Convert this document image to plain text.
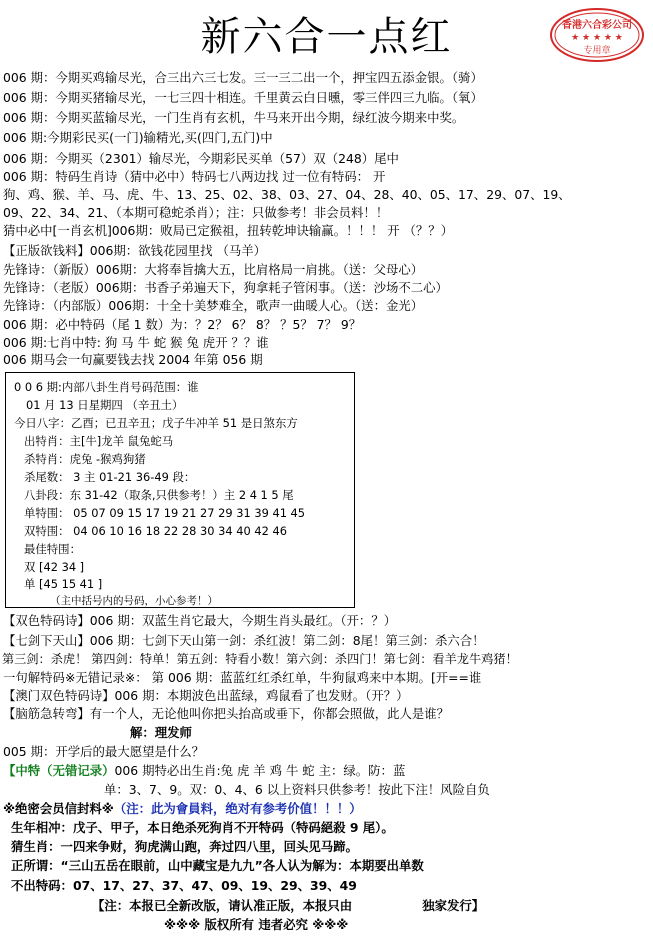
新六合一点红	香港六合彩公司
★ ★ ★ ★ ★
专用章
006 期：今期买鸡输尽光，合三出六三七发。三一三二出一个，押宝四五添金银。（骑）
006 期：今期买猪输尽光，一七三四十相连。千里黄云白日曛，零三伴四三九临。（氧）
006 期：今期买蓝输尽光，一门生肖有玄机，牛马来开出今期，绿红波今期来中奖。
006 期:今期彩民买(一门)输精光,买(四门,五门)中
006 期：今期买（2301）输尽光，今期彩民买单（57）双（248）尾中
006 期：特码生肖诗（猜中必中）特码七八两边找 过一位有特码： 开
狗、鸡、猴、羊、马、虎、牛、13、25、02、38、03、27、04、28、40、05、17、29、07、19、
09、22、34、21、（本期可稳蛇杀肖）；注：只做参考！非会员料！！
猜中必中[一肖玄机]006期：败局已定猴祖，扭转乾坤诀输赢。！！！ 开 （？？）
【正版欲钱料】006期：欲钱花园里找 （马羊）
先锋诗：（新版）006期：大将奉旨擒大五，比肩格局一肩挑。（送：父母心）
先锋诗：（老版）006期：书香子弟遍天下，狗拿耗子管闲事。（送：沙场不二心）
先锋诗：（内部版）006期：十全十美梦难全，歌声一曲暖人心。（送：金光）
006 期：必中特码（尾 1 数）为：？2？ 6？ 8？ ？5？ 7？ 9？
006 期:七肖中特: 狗 马 牛 蛇 猴 兔 虎开 ？？谁
006 期马会一句赢要钱去找 2004 年第 056 期
0 0 6 期:内部八卦生肖号码范围：谁
01 月 13 日星期四 （辛丑土）
今日八字：乙酉；已丑辛丑；戊子牛冲羊 51 是日煞东方
出特肖：主[牛]龙羊 鼠兔蛇马
杀特肖：虎兔 -猴鸡狗猪
杀尾数： 3 主 01-21 36-49 段：
八卦段：东 31-42（取条,只供参考！）主 2 4 1 5 尾
单特围： 05 07 09 15 17 19 21 27 29 31 39 41 45
双特围： 04 06 10 16 18 22 28 30 34 40 42 46
最佳特围：
双 [42 34 ]
单 [45 15 41 ]
（主中括号内的号码，小心参考！）
【双色特码诗】006 期：双蓝生肖它最大，今期生肖头最红。（开：？）
【七剑下天山】006 期：七剑下天山第一剑：杀红波！第二剑：8尾！第三剑：杀六合！
第三剑：杀虎！ 第四剑：特单！第五剑：特看小数！第六剑：杀四门！第七剑：看羊龙牛鸡猪！
一句解特码※无错记录※： 第 006 期：蓝蓝红红杀红单，牛狗鼠鸡来中本期。[开==谁
【澳门双色特码诗】006 期：本期波色出蓝绿，鸡鼠看了也发财。（开？）
【脑筋急转弯】有一个人，无论他叫你把头抬高或垂下，你都会照做，此人是谁？
解：理发师
005 期：开学后的最大愿望是什么？
【中特（无错记录）006 期特必出生肖:兔 虎 羊 鸡 牛 蛇 主：绿。防：蓝
单：3、7、9。双：0、4、6 以上资料只供参考！按此下注！风险自负
※绝密会员信封料※（注：此为會員料，绝对有参考价值！！！）
生年相冲：戊子、甲子，本日绝杀死狗肖不开特码（特码絕殺 9 尾）。
猜生肖：一四来争财，狗虎满山跑，奔过四八里，回头见马蹄。
正所谓：“三山五岳在眼前，山中藏宝是九九”各人认为解为：本期要出单数
不出特码：07、17、27、37、47、09、19、29、39、49
【注：本报已全新改版，请认准正版，本报只由	独家发行】
※※※ 版权所有 违者必究 ※※※
